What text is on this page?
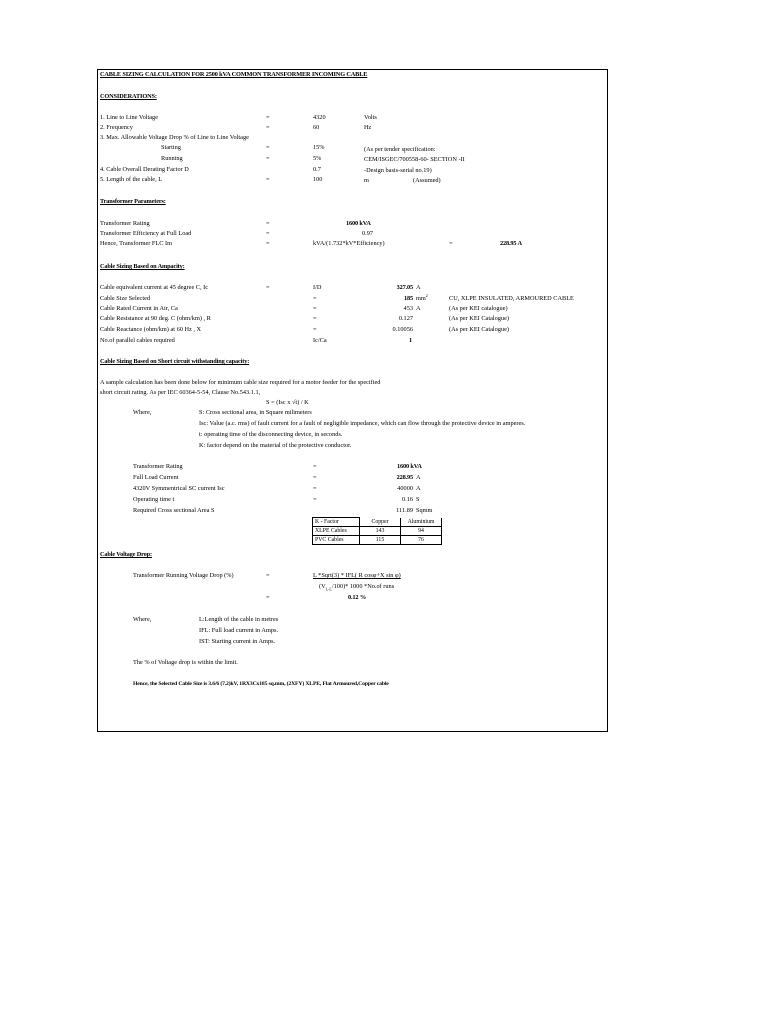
CABLE SIZING CALCULATION FOR 2500 kVA COMMON TRANSFORMER INCOMING CABLE
CONSIDERATIONS:
1. Line to Line Voltage	=	4320	Volts
2. Frequency	=	60	Hz
3. Max. Allowable Voltage Drop % of Line to Line Voltage
Starting	=	15%	(As per tender specification:
Running	=	5%	CEM/ISGEC/700558-60- SECTION -II
4. Cable Overall Derating Factor D	0.7	-Design basis-serial no.19)
5. Length of the cable, L	=	100	m	(Assumed)
Transformer Parameters:
Transformer Rating	=	1600 kVA
Transformer Efficiency at Full Load	=	0.97
Hence, Transformer FLC Im	=	kVA/(1.732*kV*Efficiency)	=	228.95 A
Cable Sizing Based on Ampacity:
Cable equivalent current at 45 degree C, Ic	=	I/D	327.05 A
Cable Size Selected	=	185 $mm^2$	CU, XLPE INSULATED, ARMOURED CABLE
Cable Rated Current in Air, Ca	=	453 A	(As per KEI catalogue)
Cable Resistance at 90 deg. C (ohm/km) , R	=	0.127	(As per KEI Catalogue)
Cable Reactance (ohm/km) at 60 Hz , X	=	0.10056	(As per KEI Catalogue)
No.of parallel cables required	Ic/Ca	1
Cable Sizing Based on Short circuit withstanding capacity:
A sample calculation has been done below for minimum cable size required for a motor feeder for the specified
short circuit rating. As per IEC 60364-5-54, Clause No.543.1.1,
S = (Isc x √t) / K
Where,	S: Cross sectional area, in Square milimeters
Isc: Value (a.c. rms) of fault current for a fault of negligible impedance, which can flow through the protective device in amperes.
t: operating time of the disconnecting device, in seconds.
K: factor depend on the material of the protective conductor.
Transformer Rating	=	1600 kVA
Full Load Current	=	228.95 A
4320V Symmentrical SC current Isc	=	40000 A
Operating time t	=	0.16 S
Required Cross sectional Area S	111.89 Sqmm
K - Factor	Copper	Aluminium
XLPE Cables	143	94
PVC Cables	115	76
Cable Voltage Drop:
Transformer Running Voltage Drop (%)	=	L *Sqrt(3) * IFL( R cosφ+X sin φ)
$(V_{L-L}/100)*$ 1000 *No.of runs
=	0.12 %
Where,	L:Length of the cable in metres
IFL: Full load current in Amps.
IST: Starting current in Amps.
The % of Voltage drop is within the limit.
Hence, the Selected Cable Size is 3.6/6 (7.2)kV, 1RX3Cx185 sq.mm, (2XFY) XLPE, Flat Armoured,Copper cable
